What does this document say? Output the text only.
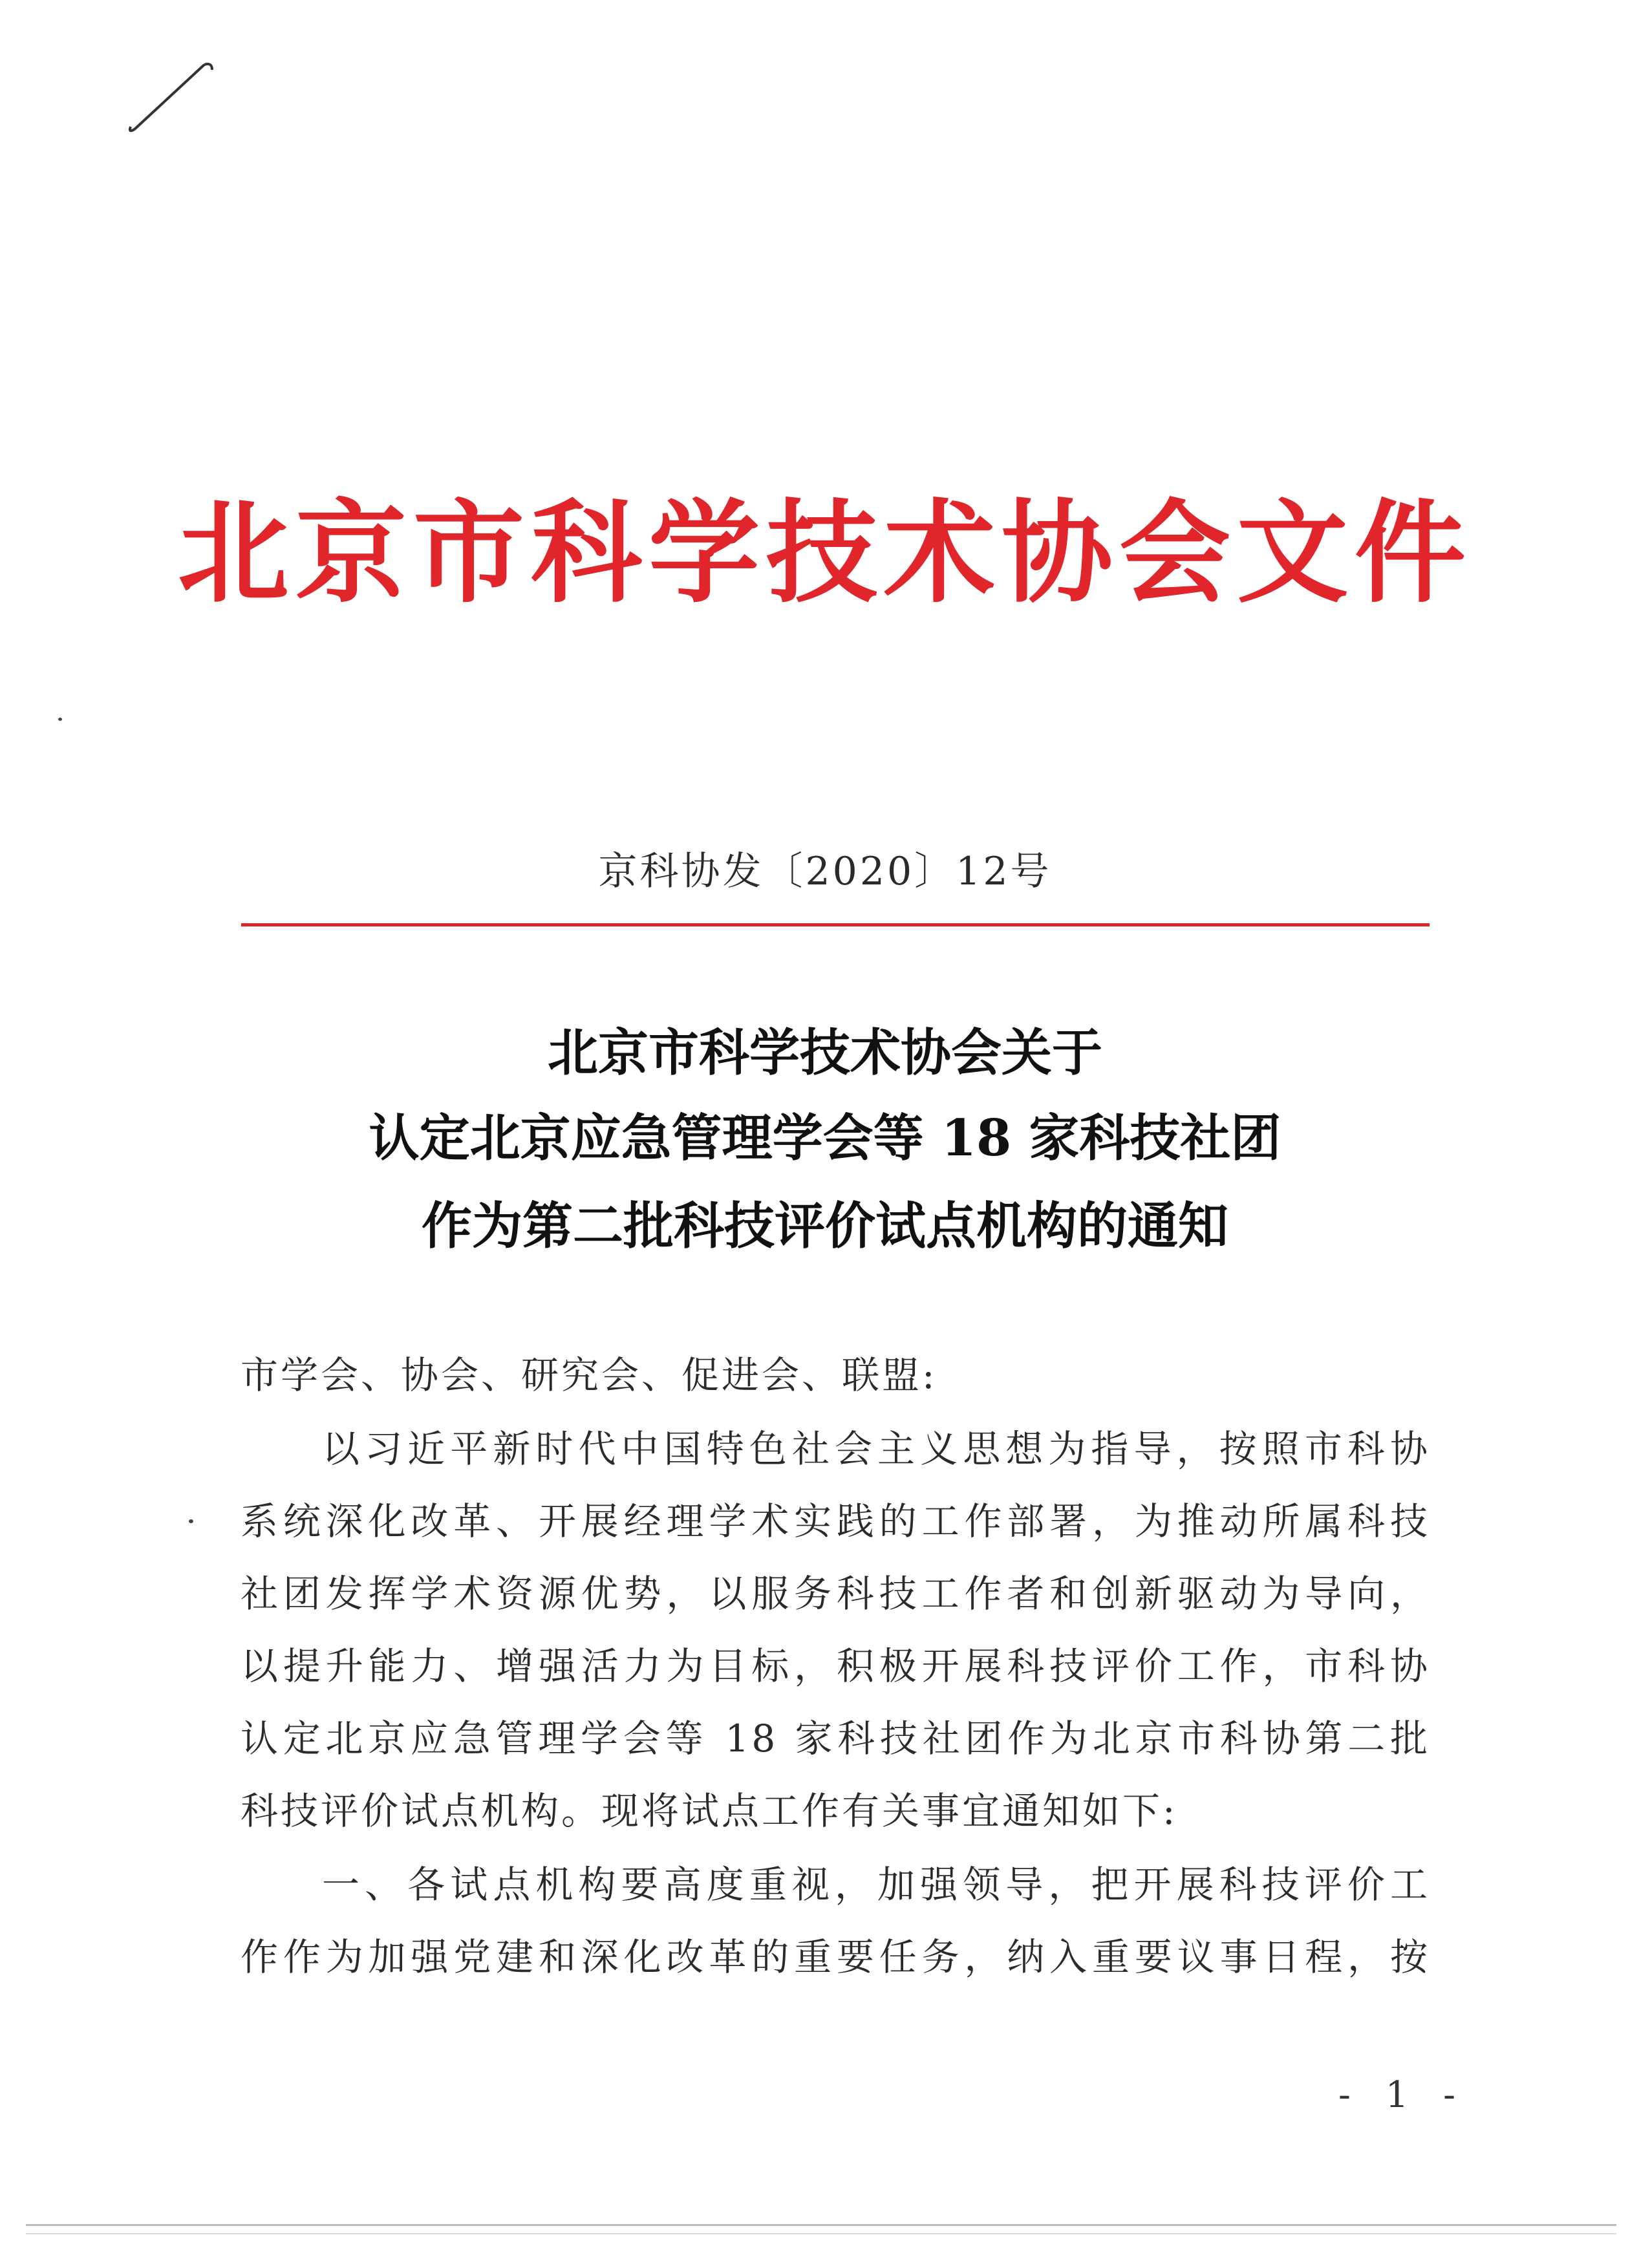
北京市科学技术协会文件
京科协发〔2020〕12号
北京市科学技术协会关于
认定北京应急管理学会等 18 家科技社团
作为第二批科技评价试点机构的通知
市学会、协会、研究会、促进会、联盟:
以习近平新时代中国特色社会主义思想为指导，按照市科协
系统深化改革、开展经理学术实践的工作部署，为推动所属科技
社团发挥学术资源优势，以服务科技工作者和创新驱动为导向，
以提升能力、增强活力为目标，积极开展科技评价工作，市科协
认定北京应急管理学会等 18 家科技社团作为北京市科协第二批
科技评价试点机构。现将试点工作有关事宜通知如下:
一、各试点机构要高度重视，加强领导，把开展科技评价工
作作为加强党建和深化改革的重要任务，纳入重要议事日程，按
- 1 -
